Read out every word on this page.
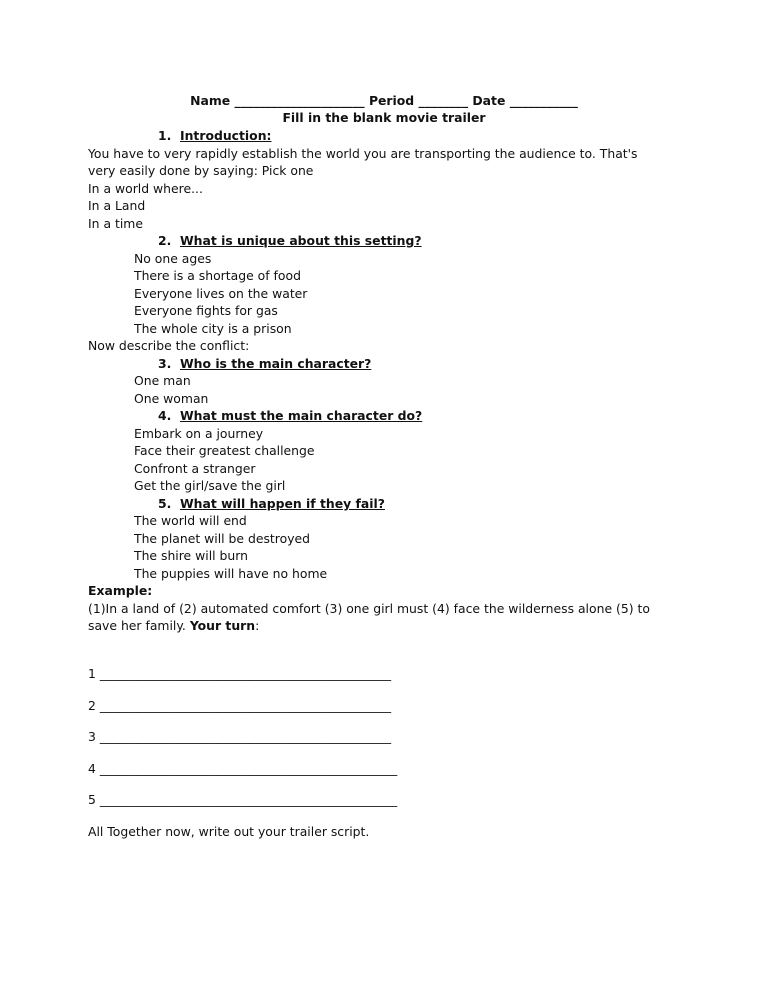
Name _____________________ Period ________ Date ___________
Fill in the blank movie trailer
1. Introduction:
You have to very rapidly establish the world you are transporting the audience to. That's
very easily done by saying: Pick one
In a world where...
In a Land
In a time
2. What is unique about this setting?
No one ages
There is a shortage of food
Everyone lives on the water
Everyone fights for gas
The whole city is a prison
Now describe the conflict:
3. Who is the main character?
One man
One woman
4. What must the main character do?
Embark on a journey
Face their greatest challenge
Confront a stranger
Get the girl/save the girl
5. What will happen if they fail?
The world will end
The planet will be destroyed
The shire will burn
The puppies will have no home
Example:
(1)In a land of (2) automated comfort (3) one girl must (4) face the wilderness alone (5) to
save her family. Your turn:
1 _______________________________________________
2 _______________________________________________
3 _______________________________________________
4 ________________________________________________
5 ________________________________________________
All Together now, write out your trailer script.
